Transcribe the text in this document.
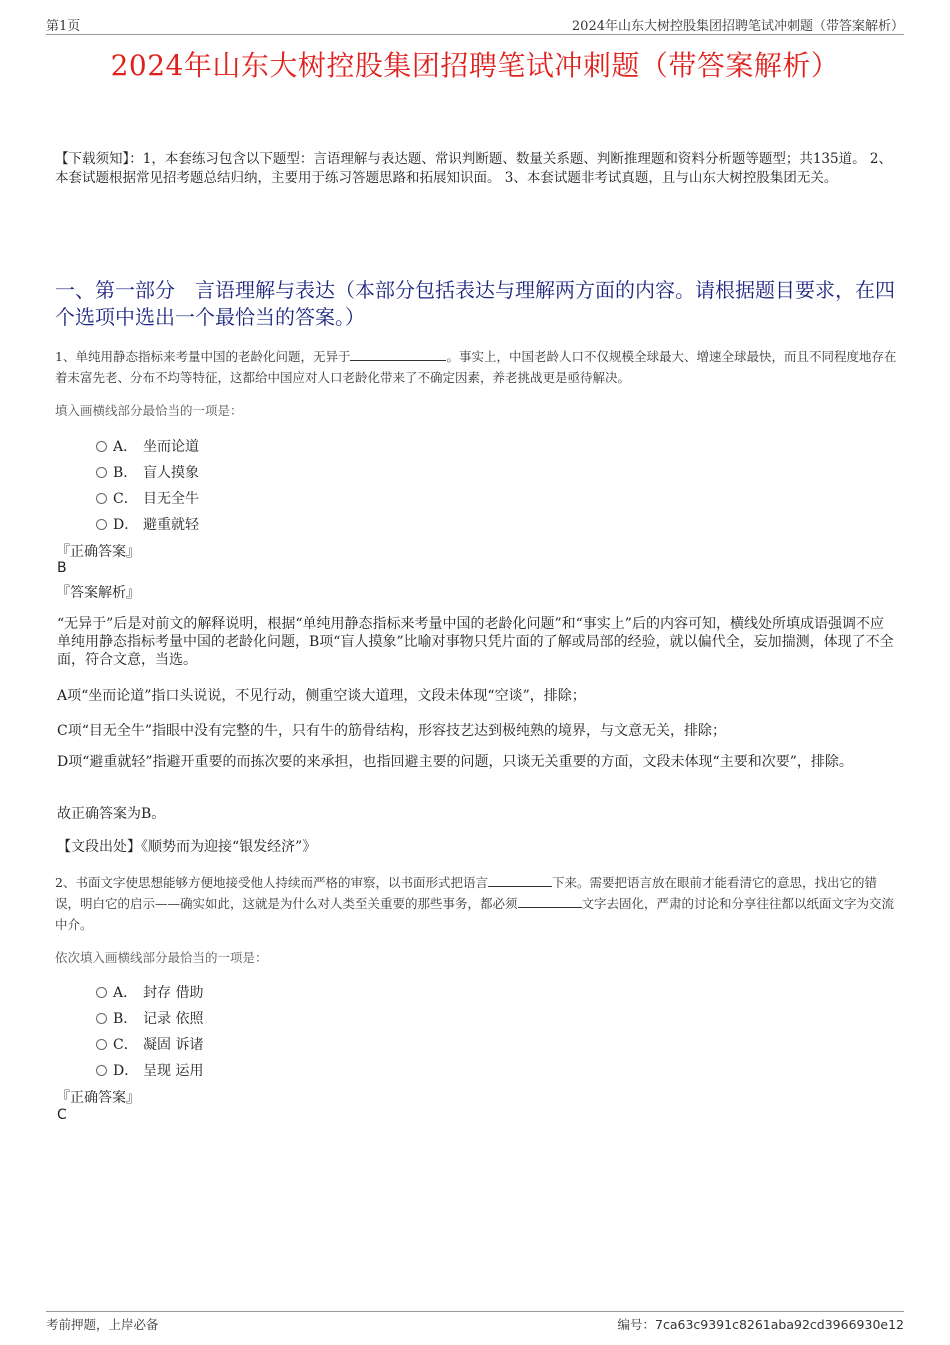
第1页	2024年山东大树控股集团招聘笔试冲刺题（带答案解析）
2024年山东大树控股集团招聘笔试冲刺题（带答案解析）
【下载须知】：1，本套练习包含以下题型：言语理解与表达题、常识判断题、数量关系题、判断推理题和资料分析题等题型；共135道。 2、本套试题根据常见招考题总结归纳，主要用于练习答题思路和拓展知识面。 3、本套试题非考试真题，且与山东大树控股集团无关。
一、第一部分　言语理解与表达（本部分包括表达与理解两方面的内容。请根据题目要求，在四个选项中选出一个最恰当的答案。）
1、单纯用静态指标来考量中国的老龄化问题，无异于	。事实上，中国老龄人口不仅规模全球最大、增速全球最快，而且不同程度地存在着未富先老、分布不均等特征，这都给中国应对人口老龄化带来了不确定因素，养老挑战更是亟待解决。
填入画横线部分最恰当的一项是：
A． 坐而论道
B． 盲人摸象
C． 目无全牛
D． 避重就轻
『正确答案』
B
『答案解析』
“无异于”后是对前文的解释说明，根据“单纯用静态指标来考量中国的老龄化问题”和“事实上”后的内容可知，横线处所填成语强调不应单纯用静态指标考量中国的老龄化问题，B项“盲人摸象”比喻对事物只凭片面的了解或局部的经验，就以偏代全，妄加揣测，体现了不全面，符合文意，当选。
A项“坐而论道”指口头说说，不见行动，侧重空谈大道理，文段未体现“空谈”，排除；
C项“目无全牛”指眼中没有完整的牛，只有牛的筋骨结构，形容技艺达到极纯熟的境界，与文意无关，排除；
D项“避重就轻”指避开重要的而拣次要的来承担，也指回避主要的问题，只谈无关重要的方面，文段未体现“主要和次要”，排除。
故正确答案为B。
【文段出处】《顺势而为迎接“银发经济”》
2、书面文字使思想能够方便地接受他人持续而严格的审察，以书面形式把语言	下来。需要把语言放在眼前才能看清它的意思，找出它的错误，明白它的启示——确实如此，这就是为什么对人类至关重要的那些事务，都必须	文字去固化，严肃的讨论和分享往往都以纸面文字为交流中介。
依次填入画横线部分最恰当的一项是：
A． 封存 借助
B． 记录 依照
C． 凝固 诉诸
D． 呈现 运用
『正确答案』
C
考前押题，上岸必备	编号：7ca63c9391c8261aba92cd3966930e12
